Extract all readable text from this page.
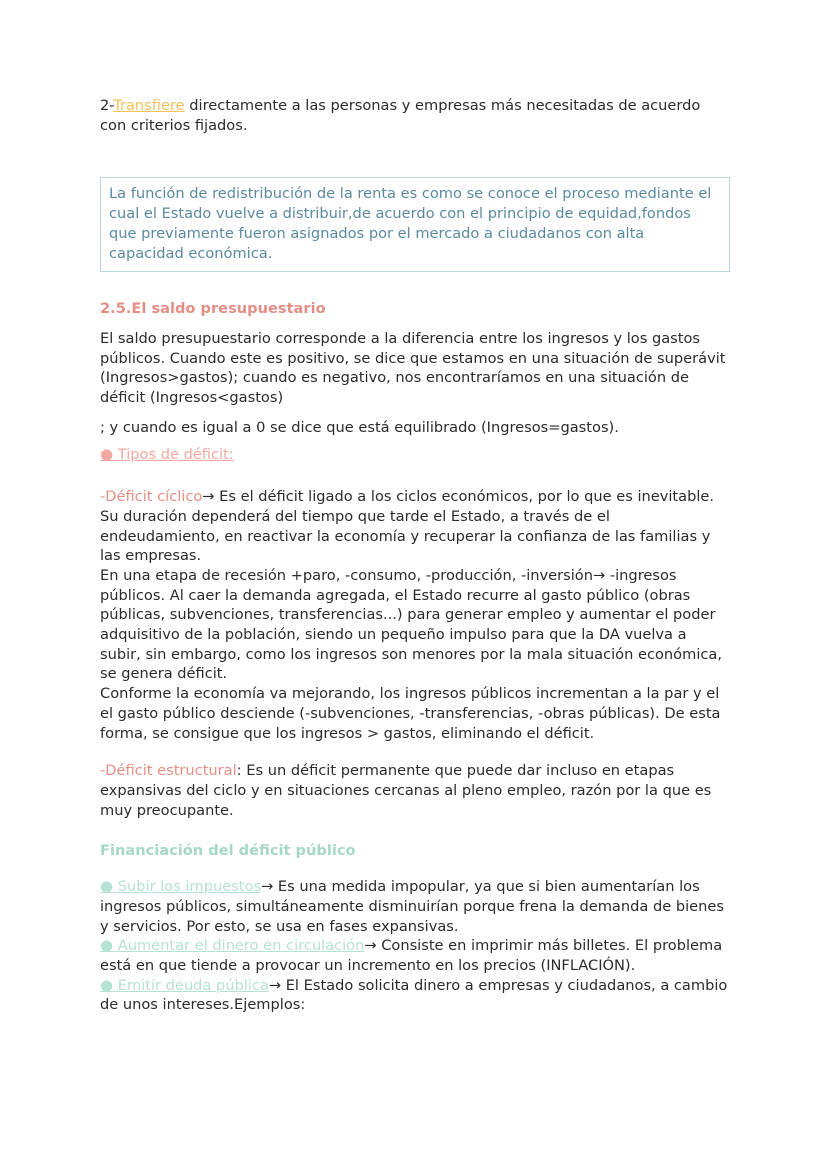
2-Transfiere directamente a las personas y empresas más necesitadas de acuerdo con criterios fijados.

La función de redistribución de la renta es como se conoce el proceso mediante el cual el Estado vuelve a distribuir,de acuerdo con el principio de equidad,fondos que previamente fueron asignados por el mercado a ciudadanos con alta capacidad económica.

2.5.El saldo presupuestario

El saldo presupuestario corresponde a la diferencia entre los ingresos y los gastos públicos. Cuando este es positivo, se dice que estamos en una situación de superávit (Ingresos>gastos); cuando es negativo, nos encontraríamos en una situación de déficit (Ingresos<gastos)

; y cuando es igual a 0 se dice que está equilibrado (Ingresos=gastos).

● Tipos de déficit:

-Déficit cíclico→ Es el déficit ligado a los ciclos económicos, por lo que es inevitable. Su duración dependerá del tiempo que tarde el Estado, a través de el endeudamiento, en reactivar la economía y recuperar la confianza de las familias y las empresas.

En una etapa de recesión +paro, -consumo, -producción, -inversión→ -ingresos públicos. Al caer la demanda agregada, el Estado recurre al gasto público (obras públicas, subvenciones, transferencias...) para generar empleo y aumentar el poder adquisitivo de la población, siendo un pequeño impulso para que la DA vuelva a subir, sin embargo, como los ingresos son menores por la mala situación económica, se genera déficit.

Conforme la economía va mejorando, los ingresos públicos incrementan a la par y el el gasto público desciende (-subvenciones, -transferencias, -obras públicas). De esta forma, se consigue que los ingresos > gastos, eliminando el déficit.

-Déficit estructural: Es un déficit permanente que puede dar incluso en etapas expansivas del ciclo y en situaciones cercanas al pleno empleo, razón por la que es muy preocupante.

Financiación del déficit público

● Subir los impuestos→ Es una medida impopular, ya que si bien aumentarían los ingresos públicos, simultáneamente disminuirían porque frena la demanda de bienes y servicios. Por esto, se usa en fases expansivas.

● Aumentar el dinero en circulación→ Consiste en imprimir más billetes. El problema está en que tiende a provocar un incremento en los precios (INFLACIÓN).

● Emitir deuda pública→ El Estado solicita dinero a empresas y ciudadanos, a cambio de unos intereses.Ejemplos:
